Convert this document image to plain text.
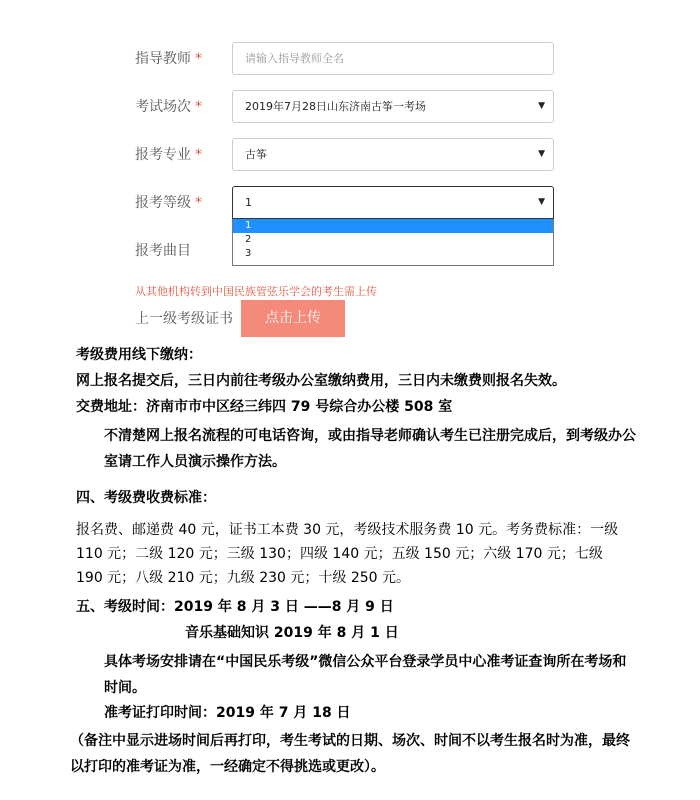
指导教师 *	请输入指导教师全名
考试场次 *	2019年7月28日山东济南古筝一考场	▼
报考专业 *	古筝	▼
报考等级 *	1	▼
报考曲目
1
2
3
从其他机构转到中国民族管弦乐学会的考生需上传
上一级考级证书	点击上传
考级费用线下缴纳：
网上报名提交后，三日内前往考级办公室缴纳费用，三日内未缴费则报名失效。
交费地址：济南市市中区经三纬四 79 号综合办公楼 508 室
不清楚网上报名流程的可电话咨询，或由指导老师确认考生已注册完成后，到考级办公室请工作人员演示操作方法。
四、考级费收费标准：
报名费、邮递费 40 元，证书工本费 30 元，考级技术服务费 10 元。考务费标准：一级 110 元；二级 120 元；三级 130；四级 140 元；五级 150 元；六级 170 元；七级 190 元；八级 210 元；九级 230 元；十级 250 元。
五、考级时间：2019 年 8 月 3 日 ——8 月 9 日
音乐基础知识 2019 年 8 月 1 日
具体考场安排请在“中国民乐考级”微信公众平台登录学员中心准考证查询所在考场和时间。
准考证打印时间：2019 年 7 月 18 日
（备注中显示进场时间后再打印，考生考试的日期、场次、时间不以考生报名时为准，最终以打印的准考证为准，一经确定不得挑选或更改）。
